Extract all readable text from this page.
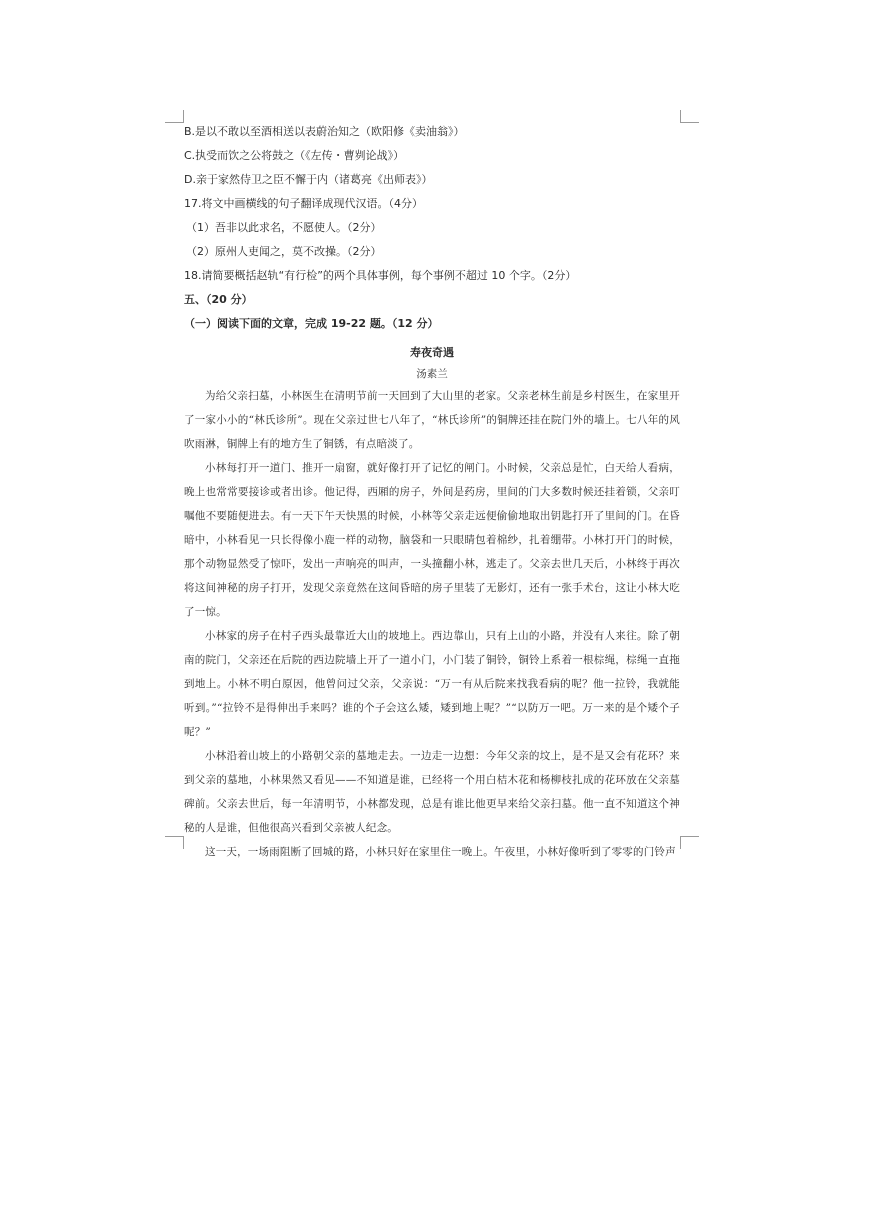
B.是以不敢以至酒相送以表蔚治知之（欧阳修《卖油翁》）
C.执受而饮之公将鼓之（《左传・曹刿论战》）
D.亲于家然侍卫之臣不懈于内（诸葛亮《出师表》）
17.将文中画横线的句子翻译成现代汉语。（4分）
（1）吾非以此求名，不愿使人。（2分）
（2）原州人吏闻之，莫不改操。（2分）
18.请简要概括赵轨“有行检”的两个具体事例，每个事例不超过 10 个字。（2分）
五、（20 分）
（一）阅读下面的文章，完成 19-22 题。（12 分）
寿夜奇遇
汤素兰

为给父亲扫墓，小林医生在清明节前一天回到了大山里的老家。父亲老林生前是乡村医生，在家里开了一家小小的“林氏诊所”。现在父亲过世七八年了，“林氏诊所”的铜牌还挂在院门外的墙上。七八年的风吹雨淋，铜牌上有的地方生了铜锈，有点暗淡了。

小林每打开一道门、推开一扇窗，就好像打开了记忆的闸门。小时候，父亲总是忙，白天给人看病，晚上也常常要接诊或者出诊。他记得，西厢的房子，外间是药房，里间的门大多数时候还挂着锁，父亲叮嘱他不要随便进去。有一天下午天快黑的时候，小林等父亲走远便偷偷地取出钥匙打开了里间的门。在昏暗中，小林看见一只长得像小鹿一样的动物，脑袋和一只眼睛包着棉纱，扎着绷带。小林打开门的时候，那个动物显然受了惊吓，发出一声响亮的叫声，一头撞翻小林，逃走了。父亲去世几天后，小林终于再次将这间神秘的房子打开，发现父亲竟然在这间昏暗的房子里装了无影灯，还有一张手术台，这让小林大吃了一惊。

小林家的房子在村子西头最靠近大山的坡地上。西边靠山，只有上山的小路，并没有人来往。除了朝南的院门，父亲还在后院的西边院墙上开了一道小门，小门装了铜铃，铜铃上系着一根棕绳，棕绳一直拖到地上。小林不明白原因，他曾问过父亲，父亲说：“万一有从后院来找我看病的呢？他一拉铃，我就能听到。”“拉铃不是得伸出手来吗？谁的个子会这么矮，矮到地上呢？”“以防万一吧。万一来的是个矮个子呢？”

小林沿着山坡上的小路朝父亲的墓地走去。一边走一边想：今年父亲的坟上，是不是又会有花环？来到父亲的墓地，小林果然又看见——不知道是谁，已经将一个用白桔木花和杨柳枝扎成的花环放在父亲墓碑前。父亲去世后，每一年清明节，小林都发现，总是有谁比他更早来给父亲扫墓。他一直不知道这个神秘的人是谁，但他很高兴看到父亲被人纪念。

这一天，一场雨阻断了回城的路，小林只好在家里住一晚上。午夜里，小林好像听到了零零的门铃声
